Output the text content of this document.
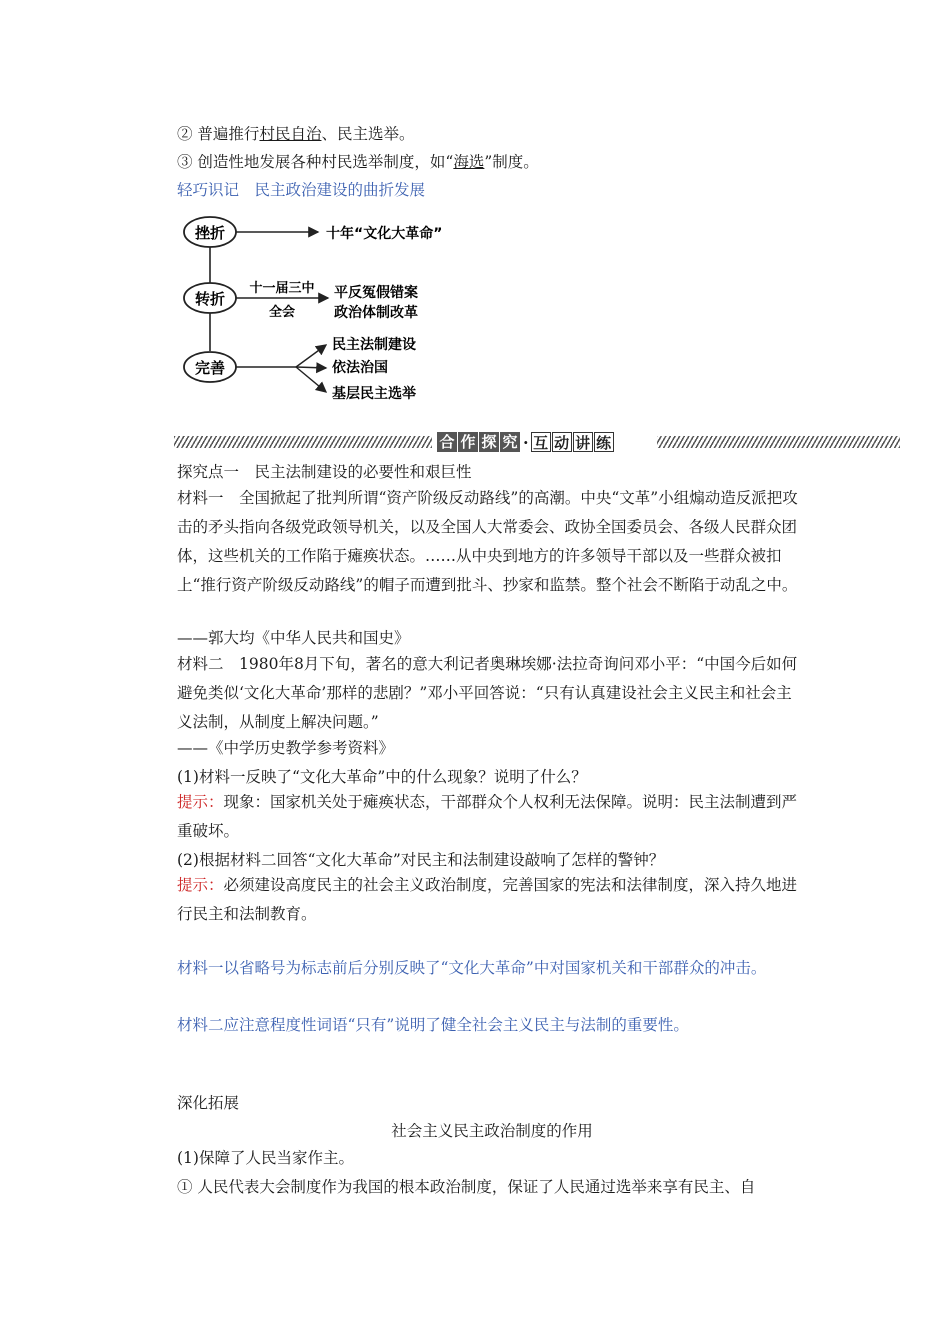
② 普遍推行村民自治、民主选举。
③ 创造性地发展各种村民选举制度，如“海选”制度。
轻巧识记　民主政治建设的曲折发展
挫折
转折
完善
十年“文化大革命”
十一届三中
全会
平反冤假错案
政治体制改革
民主法制建设
依法治国
基层民主选举
合 作 探 究 · 互 动 讲 练
探究点一　民主法制建设的必要性和艰巨性
材料一　全国掀起了批判所谓“资产阶级反动路线”的高潮。中央“文革”小组煽动造反派把攻击的矛头指向各级党政领导机关，以及全国人大常委会、政协全国委员会、各级人民群众团体，这些机关的工作陷于瘫痪状态。……从中央到地方的许多领导干部以及一些群众被扣上“推行资产阶级反动路线”的帽子而遭到批斗、抄家和监禁。整个社会不断陷于动乱之中。
——郭大均《中华人民共和国史》
材料二　1980年8月下旬，著名的意大利记者奥琳埃娜·法拉奇询问邓小平：“中国今后如何避免类似‘文化大革命’那样的悲剧？”邓小平回答说：“只有认真建设社会主义民主和社会主义法制，从制度上解决问题。”
——《中学历史教学参考资料》
(1)材料一反映了“文化大革命”中的什么现象？说明了什么？
提示：现象：国家机关处于瘫痪状态，干部群众个人权利无法保障。说明：民主法制遭到严重破坏。
(2)根据材料二回答“文化大革命”对民主和法制建设敲响了怎样的警钟？
提示：必须建设高度民主的社会主义政治制度，完善国家的宪法和法律制度，深入持久地进行民主和法制教育。
材料一以省略号为标志前后分别反映了“文化大革命”中对国家机关和干部群众的冲击。
材料二应注意程度性词语“只有”说明了健全社会主义民主与法制的重要性。
深化拓展
社会主义民主政治制度的作用
(1)保障了人民当家作主。
① 人民代表大会制度作为我国的根本政治制度，保证了人民通过选举来享有民主、自
